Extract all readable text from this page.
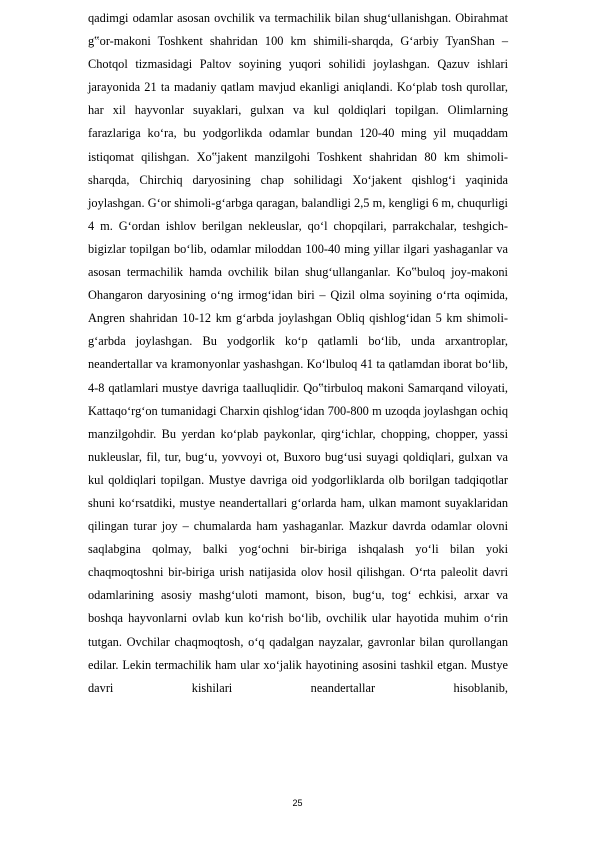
qadimgi odamlar asosan ovchilik va termachilik bilan shug‘ullanishgan. Obirahmat g‟or-makoni Toshkent shahridan 100 km shimili-sharqda, G‘arbiy TyanShan – Chotqol tizmasidagi Paltov soyining yuqori sohilidi joylashgan. Qazuv ishlari jarayonida 21 ta madaniy qatlam mavjud ekanligi aniqlandi. Ko‘plab tosh qurollar, har xil hayvonlar suyaklari, gulxan va kul qoldiqlari topilgan. Olimlarning farazlariga ko‘ra, bu yodgorlikda odamlar bundan 120-40 ming yil muqaddam istiqomat qilishgan. Xo‟jakent manzilgohi Toshkent shahridan 80 km shimoli-sharqda, Chirchiq daryosining chap sohilidagi Xo‘jakent qishlog‘i yaqinida joylashgan. G‘or shimoli-g‘arbga qaragan, balandligi 2,5 m, kengligi 6 m, chuqurligi 4 m. G‘ordan ishlov berilgan nekleuslar, qo‘l chopqilari, parrakchalar, teshgich-bigizlar topilgan bo‘lib, odamlar miloddan 100-40 ming yillar ilgari yashaganlar va asosan termachilik hamda ovchilik bilan shug‘ullanganlar. Ko‟buloq joy-makoni Ohangaron daryosining o‘ng irmog‘idan biri – Qizil olma soyining o‘rta oqimida, Angren shahridan 10-12 km g‘arbda joylashgan Obliq qishlog‘idan 5 km shimoli-g‘arbda joylashgan. Bu yodgorlik ko‘p qatlamli bo‘lib, unda arxantroplar, neandertallar va kramonyonlar yashashgan. Ko‘lbuloq 41 ta qatlamdan iborat bo‘lib, 4-8 qatlamlari mustye davriga taalluqlidir. Qo‟tirbuloq makoni Samarqand viloyati, Kattaqo‘rg‘on tumanidagi Charxin qishlog‘idan 700-800 m uzoqda joylashgan ochiq manzilgohdir. Bu yerdan ko‘plab paykonlar, qirg‘ichlar, chopping, chopper, yassi nukleuslar, fil, tur, bug‘u, yovvoyi ot, Buxoro bug‘usi suyagi qoldiqlari, gulxan va kul qoldiqlari topilgan. Mustye davriga oid yodgorliklarda olb borilgan tadqiqotlar shuni ko‘rsatdiki, mustye neandertallari g‘orlarda ham, ulkan mamont suyaklaridan qilingan turar joy – chumalarda ham yashaganlar. Mazkur davrda odamlar olovni saqlabgina qolmay, balki yog‘ochni bir-biriga ishqalash yo‘li bilan yoki chaqmoqtoshni bir-biriga urish natijasida olov hosil qilishgan. O‘rta paleolit davri odamlarining asosiy mashg‘uloti mamont, bison, bug‘u, tog‘ echkisi, arxar va boshqa hayvonlarni ovlab kun ko‘rish bo‘lib, ovchilik ular hayotida muhim o‘rin tutgan. Ovchilar chaqmoqtosh, o‘q qadalgan nayzalar, gavronlar bilan qurollangan edilar. Lekin termachilik ham ular xo‘jalik hayotining asosini tashkil etgan. Mustye davri kishilari neandertallar hisoblanib,

25
